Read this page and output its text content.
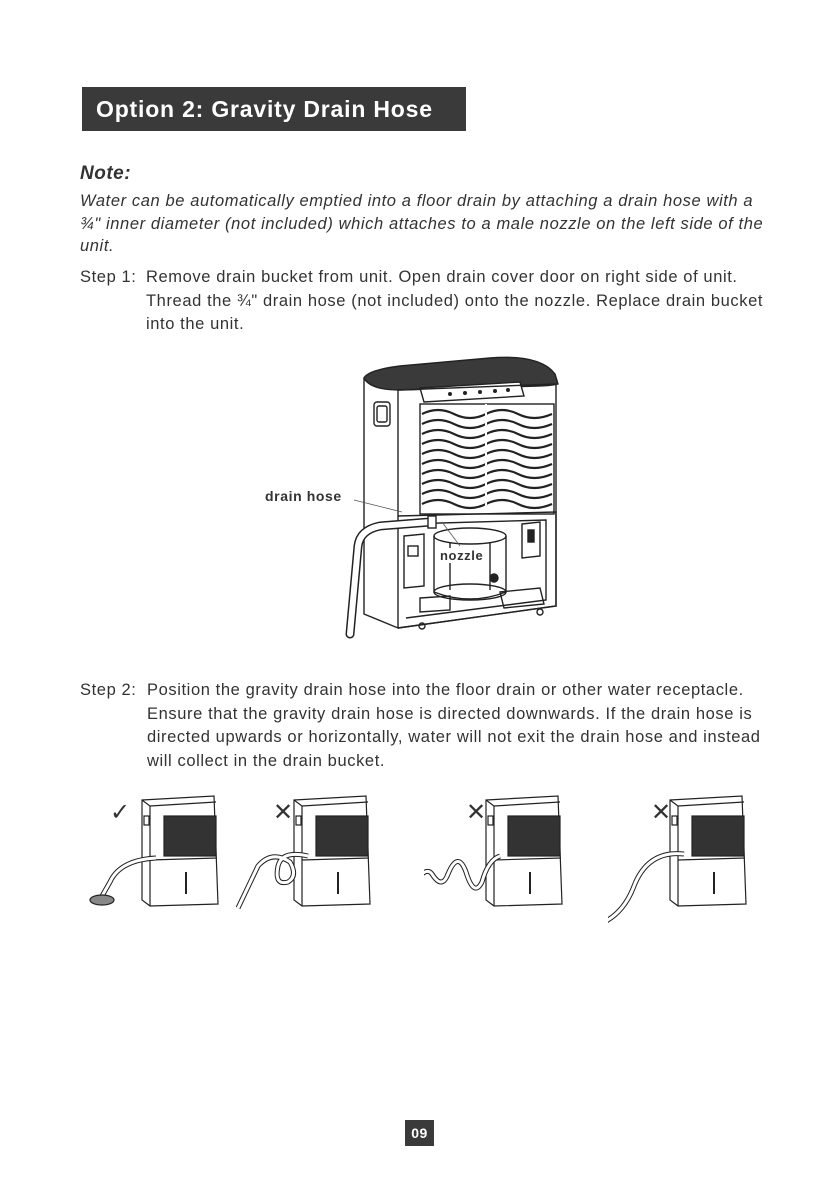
Option 2: Gravity Drain Hose
Note:
Water can be automatically emptied into a floor drain by attaching a drain hose with a ¾" inner diameter (not included) which attaches to a male nozzle on the left side of the unit.
Step 1: Remove drain bucket from unit. Open drain cover door on right side of unit. Thread the ¾" drain hose (not included) onto the nozzle. Replace drain bucket into the unit.
drain hose
nozzle
Step 2: Position the gravity drain hose into the floor drain or other water receptacle. Ensure that the gravity drain hose is directed downwards. If the drain hose is directed upwards or horizontally, water will not exit the drain hose and instead will collect in the drain bucket.
✓	✕	✕	✕
09
